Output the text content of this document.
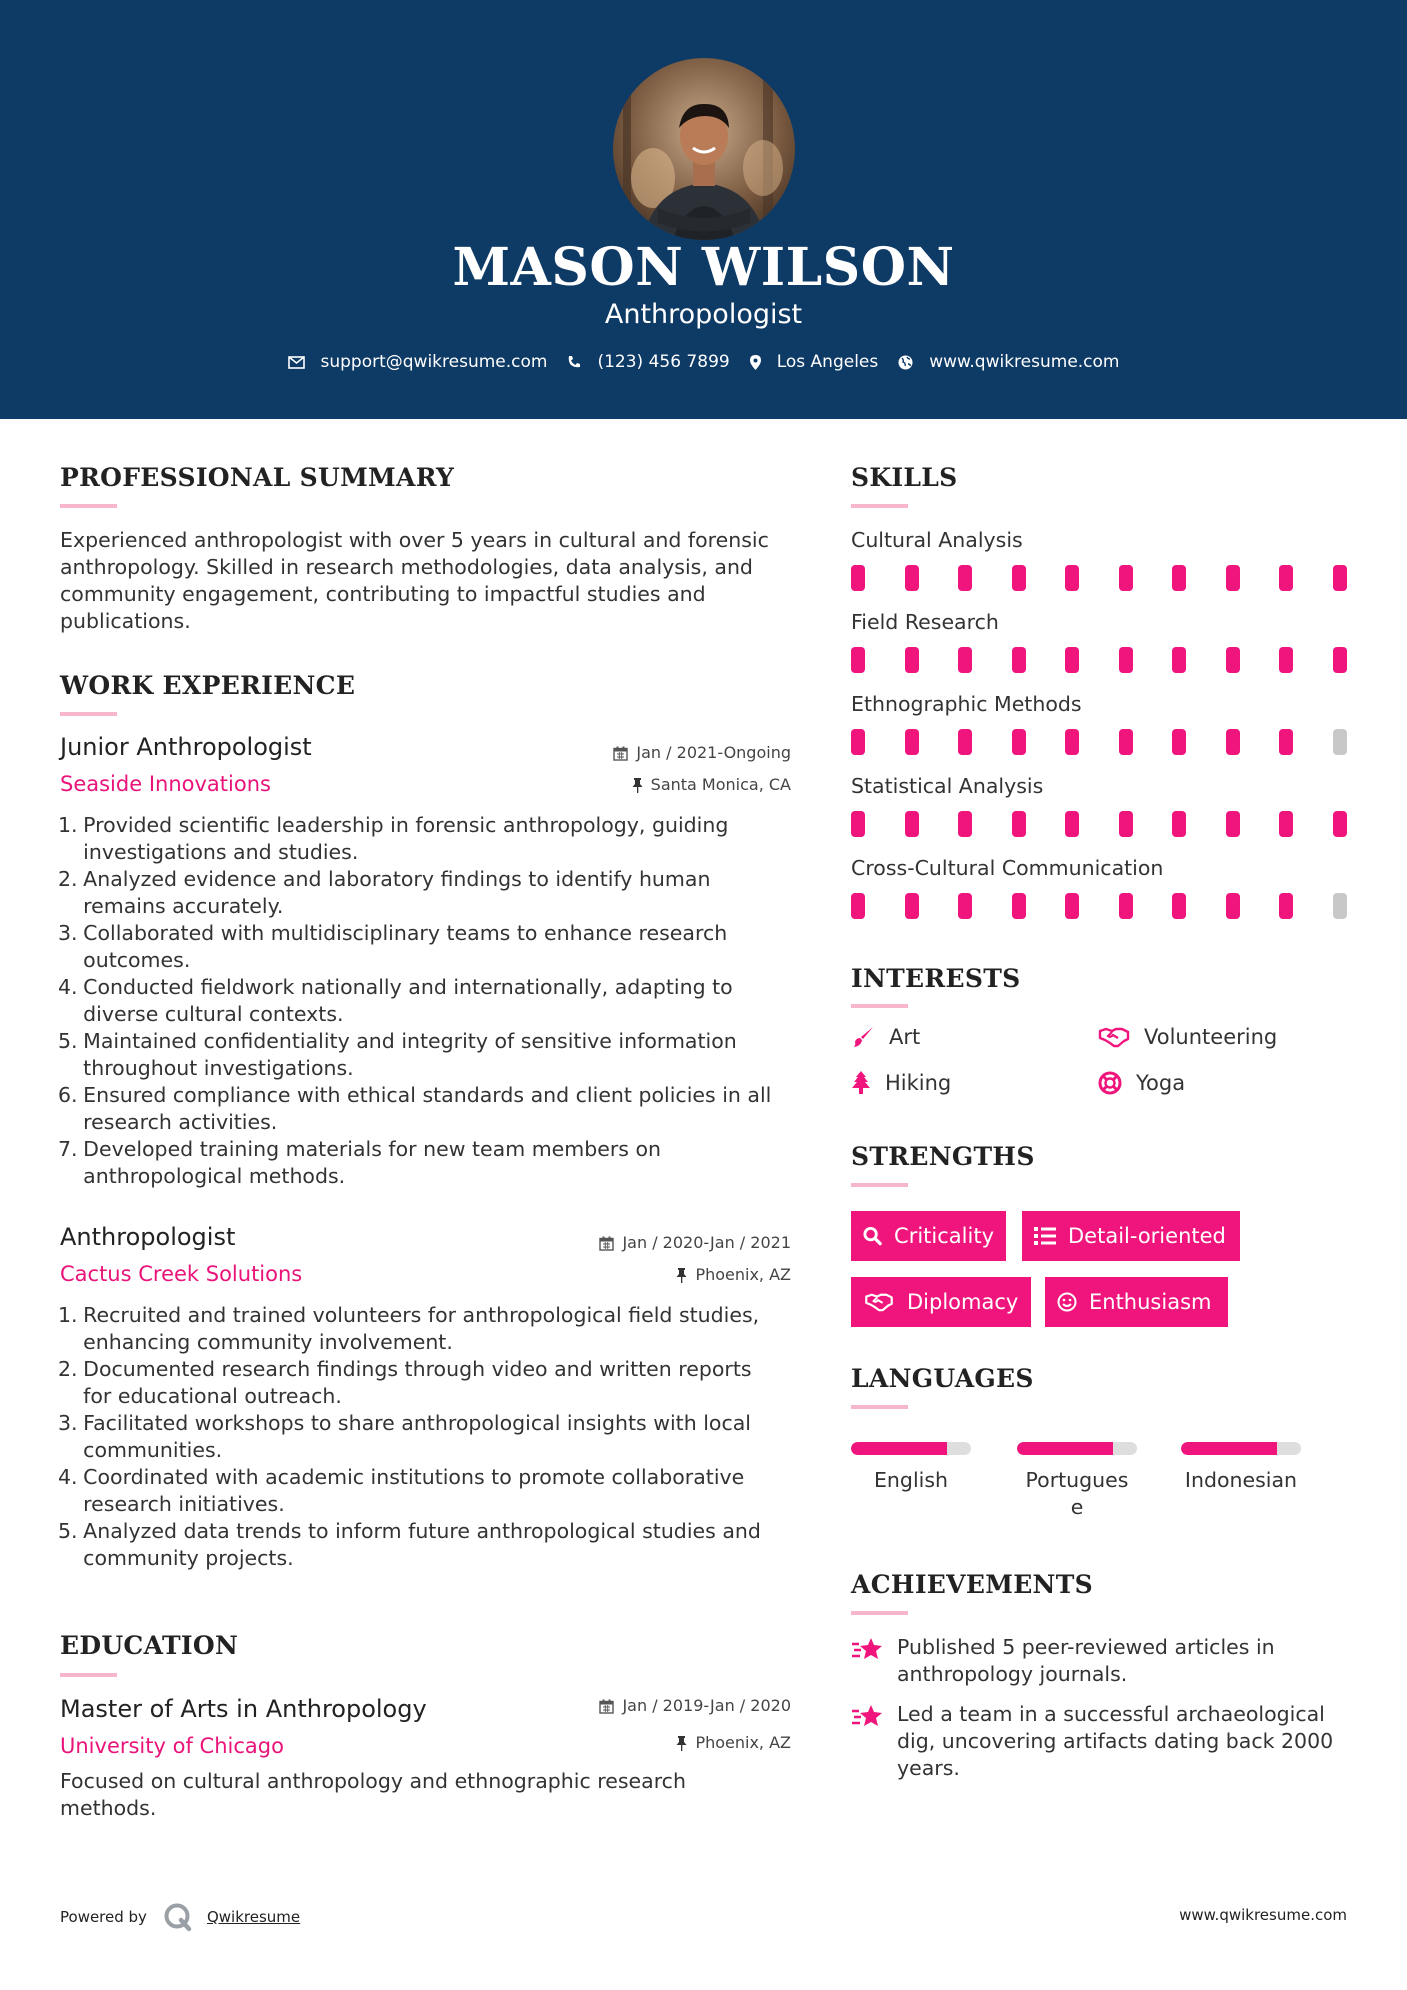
MASON WILSON
Anthropologist
support@qwikresume.com	(123) 456 7899	Los Angeles	www.qwikresume.com
PROFESSIONAL SUMMARY
Experienced anthropologist with over 5 years in cultural and forensic
anthropology. Skilled in research methodologies, data analysis, and
community engagement, contributing to impactful studies and
publications.
WORK EXPERIENCE
Junior Anthropologist	Jan / 2021-Ongoing
Seaside Innovations	Santa Monica, CA
1. Provided scientific leadership in forensic anthropology, guiding
investigations and studies.
2. Analyzed evidence and laboratory findings to identify human
remains accurately.
3. Collaborated with multidisciplinary teams to enhance research
outcomes.
4. Conducted fieldwork nationally and internationally, adapting to
diverse cultural contexts.
5. Maintained confidentiality and integrity of sensitive information
throughout investigations.
6. Ensured compliance with ethical standards and client policies in all
research activities.
7. Developed training materials for new team members on
anthropological methods.
Anthropologist	Jan / 2020-Jan / 2021
Cactus Creek Solutions	Phoenix, AZ
1. Recruited and trained volunteers for anthropological field studies,
enhancing community involvement.
2. Documented research findings through video and written reports
for educational outreach.
3. Facilitated workshops to share anthropological insights with local
communities.
4. Coordinated with academic institutions to promote collaborative
research initiatives.
5. Analyzed data trends to inform future anthropological studies and
community projects.
EDUCATION
Master of Arts in Anthropology	Jan / 2019-Jan / 2020
University of Chicago	Phoenix, AZ
Focused on cultural anthropology and ethnographic research
methods.
SKILLS
Cultural Analysis
Field Research
Ethnographic Methods
Statistical Analysis
Cross-Cultural Communication
INTERESTS
Art	Volunteering
Hiking	Yoga
STRENGTHS
Criticality	Detail-oriented
Diplomacy	Enthusiasm
LANGUAGES
English	Portugues
e
Indonesian
ACHIEVEMENTS
Published 5 peer-reviewed articles in
anthropology journals.
Led a team in a successful archaeological
dig, uncovering artifacts dating back 2000
years.
Powered by	Qwikresume	www.qwikresume.com
